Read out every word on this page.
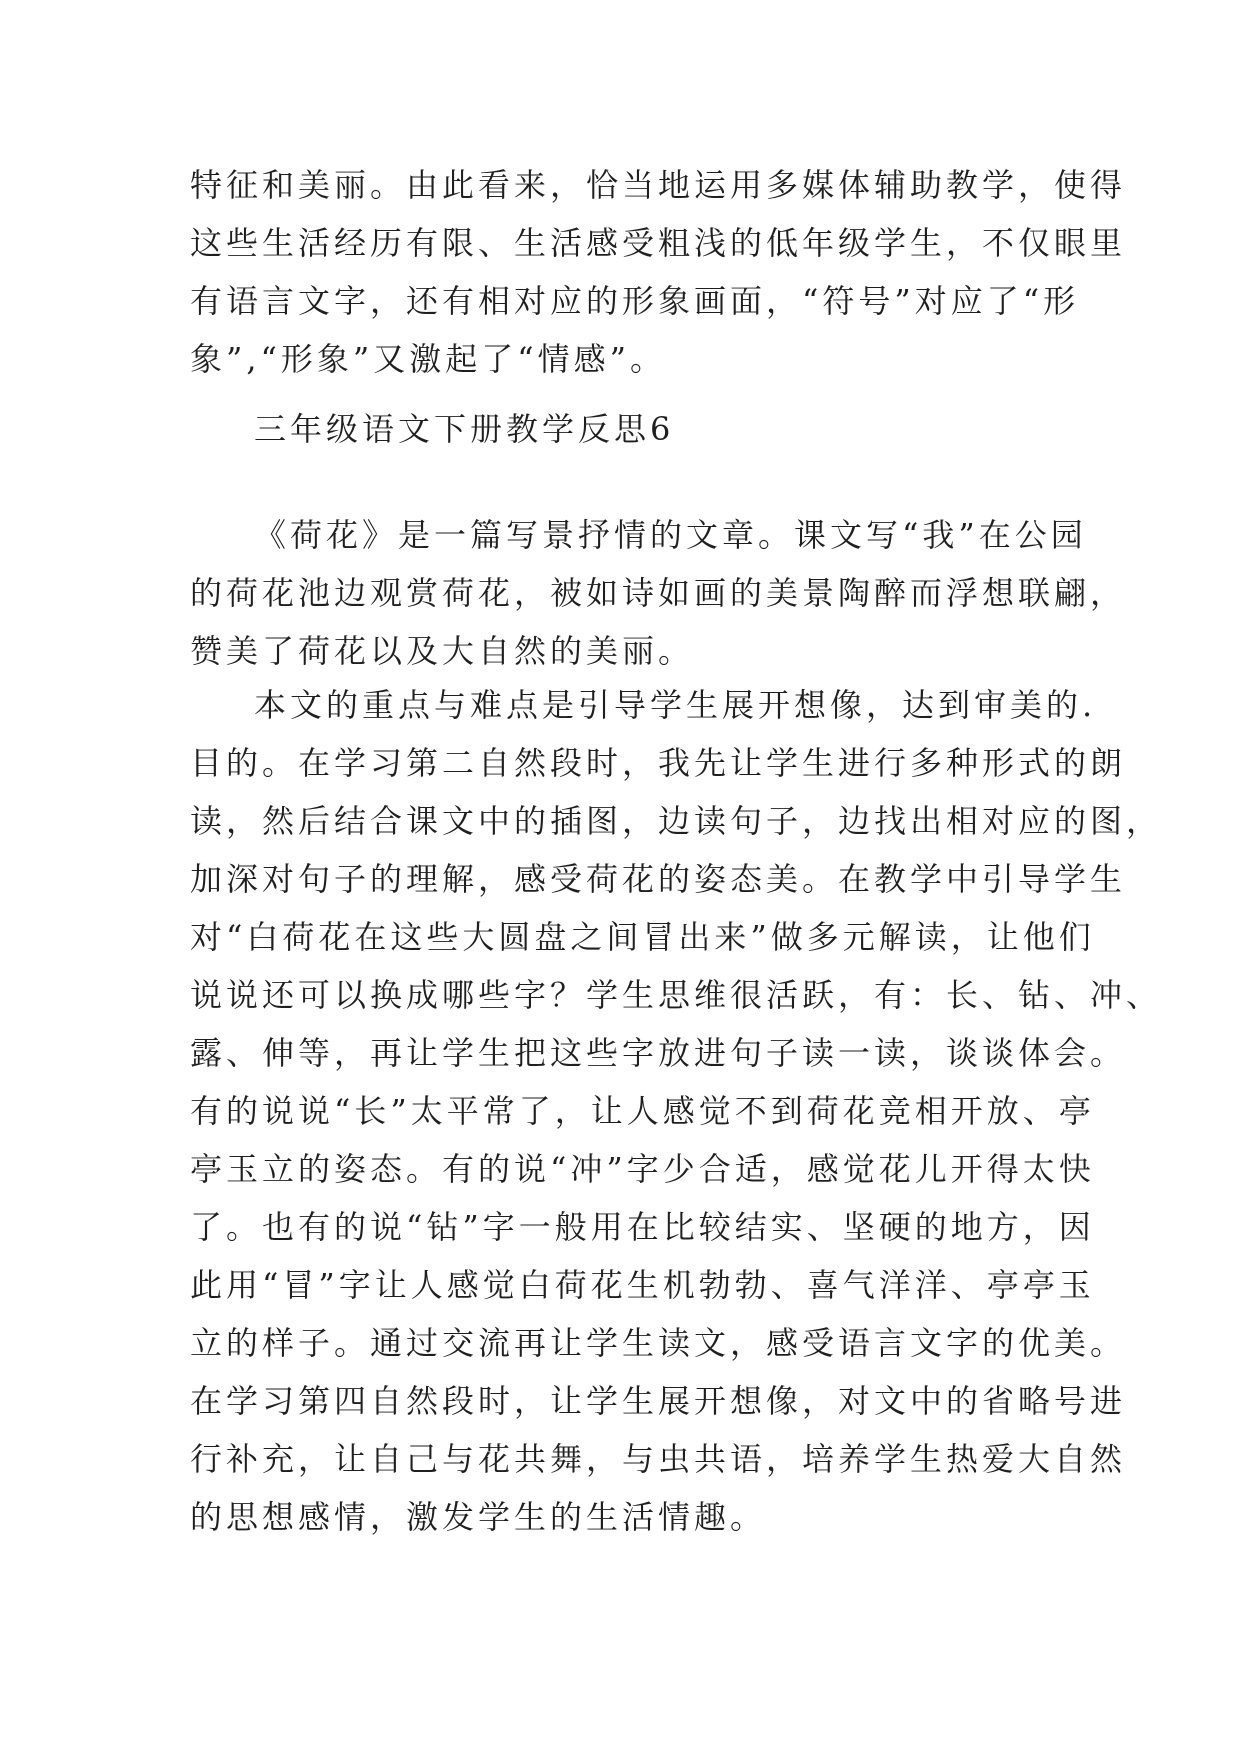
特征和美丽。由此看来，恰当地运用多媒体辅助教学，使得
这些生活经历有限、生活感受粗浅的低年级学生，不仅眼里
有语言文字，还有相对应的形象画面，“符号”对应了“形
象”,“形象”又激起了“情感”。
三年级语文下册教学反思6
《荷花》是一篇写景抒情的文章。课文写“我”在公园
的荷花池边观赏荷花，被如诗如画的美景陶醉而浮想联翩，
赞美了荷花以及大自然的美丽。
本文的重点与难点是引导学生展开想像，达到审美的.
目的。在学习第二自然段时，我先让学生进行多种形式的朗
读，然后结合课文中的插图，边读句子，边找出相对应的图，
加深对句子的理解，感受荷花的姿态美。在教学中引导学生
对“白荷花在这些大圆盘之间冒出来”做多元解读，让他们
说说还可以换成哪些字？学生思维很活跃，有：长、钻、冲、
露、伸等，再让学生把这些字放进句子读一读，谈谈体会。
有的说说“长”太平常了，让人感觉不到荷花竞相开放、亭
亭玉立的姿态。有的说“冲”字少合适，感觉花儿开得太快
了。也有的说“钻”字一般用在比较结实、坚硬的地方，因
此用“冒”字让人感觉白荷花生机勃勃、喜气洋洋、亭亭玉
立的样子。通过交流再让学生读文，感受语言文字的优美。
在学习第四自然段时，让学生展开想像，对文中的省略号进
行补充，让自己与花共舞，与虫共语，培养学生热爱大自然
的思想感情，激发学生的生活情趣。
